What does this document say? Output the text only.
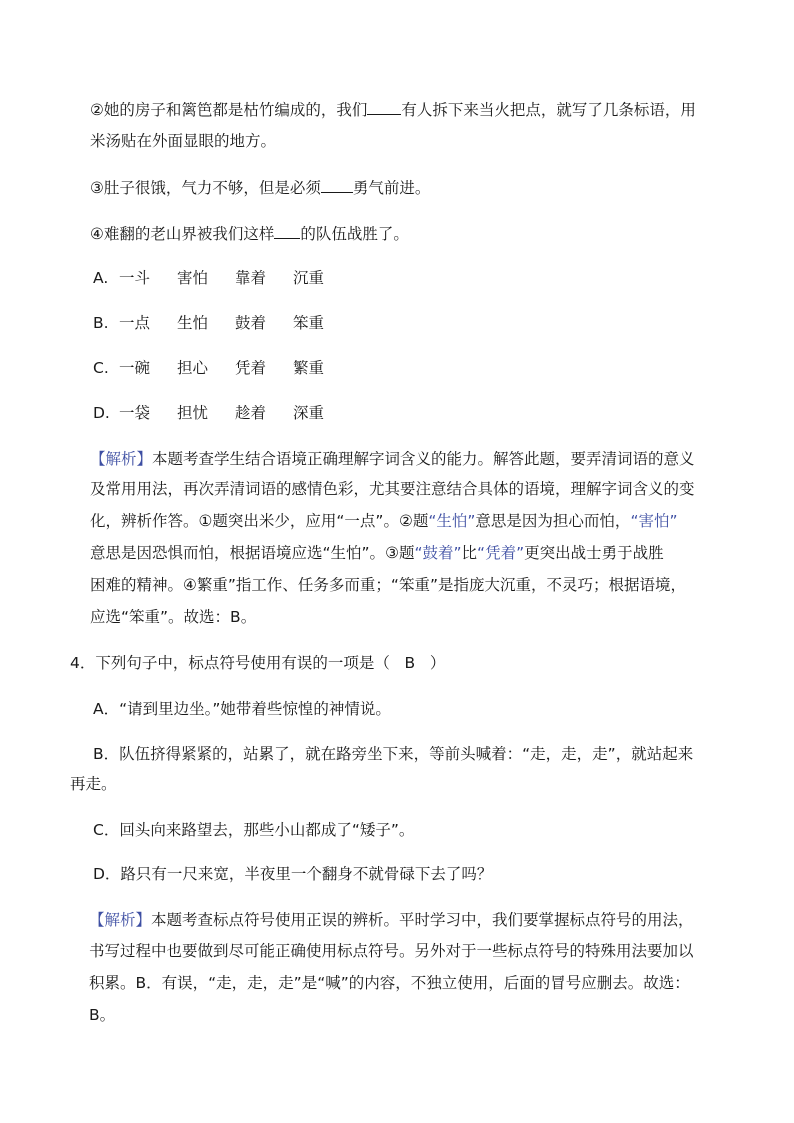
②她的房子和篱笆都是枯竹编成的，我们 有人拆下来当火把点，就写了几条标语，用
米汤贴在外面显眼的地方。
③肚子很饿，气力不够，但是必须 勇气前进。
④难翻的老山界被我们这样 的队伍战胜了。
A. 一斗 害怕 靠着 沉重
B. 一点 生怕 鼓着 笨重
C. 一碗 担心 凭着 繁重
D. 一袋 担忧 趁着 深重
【解析】本题考查学生结合语境正确理解字词含义的能力。解答此题，要弄清词语的意义
及常用用法，再次弄清词语的感情色彩，尤其要注意结合具体的语境，理解字词含义的变
化，辨析作答。①题突出米少，应用“一点”。②题“生怕”意思是因为担心而怕，“害怕”
意思是因恐惧而怕，根据语境应选“生怕”。③题“鼓着”比“凭着”更突出战士勇于战胜
困难的精神。④繁重”指工作、任务多而重；“笨重”是指庞大沉重，不灵巧；根据语境，
应选“笨重”。故选：B。
4．下列句子中，标点符号使用有误的一项是（ B ）
A．“请到里边坐。”她带着些惊惶的神情说。
B．队伍挤得紧紧的，站累了，就在路旁坐下来，等前头喊着：“走，走，走”，就站起来
再走。
C．回头向来路望去，那些小山都成了“矮子”。
D．路只有一尺来宽，半夜里一个翻身不就骨碌下去了吗？
【解析】本题考查标点符号使用正误的辨析。平时学习中，我们要掌握标点符号的用法，
书写过程中也要做到尽可能正确使用标点符号。另外对于一些标点符号的特殊用法要加以
积累。B．有误，“走，走，走”是“喊”的内容，不独立使用，后面的冒号应删去。故选：
B。
